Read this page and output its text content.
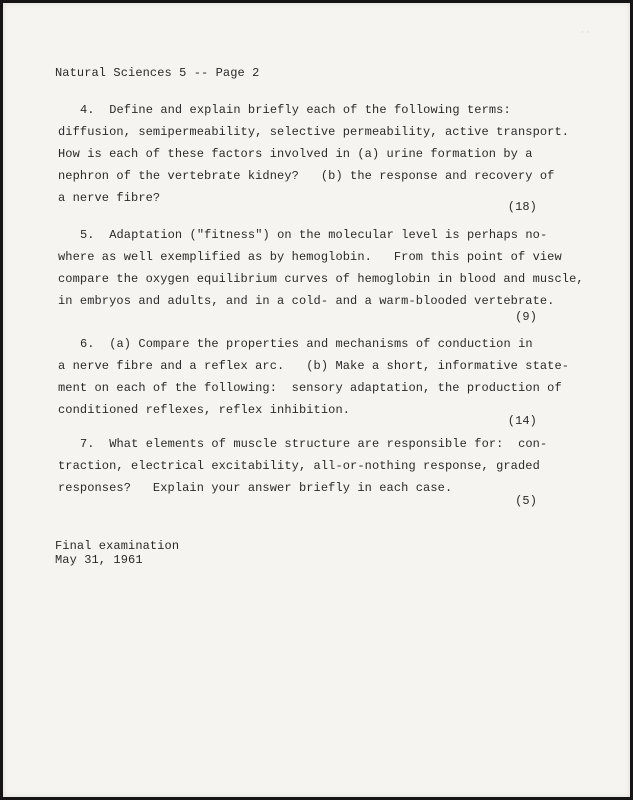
Natural Sciences 5 -- Page 2
4.  Define and explain briefly each of the following terms:
diffusion, semipermeability, selective permeability, active transport.
How is each of these factors involved in (a) urine formation by a
nephron of the vertebrate kidney?   (b) the response and recovery of
a nerve fibre?
(18)
5.  Adaptation ("fitness") on the molecular level is perhaps no-
where as well exemplified as by hemoglobin.   From this point of view
compare the oxygen equilibrium curves of hemoglobin in blood and muscle,
in embryos and adults, and in a cold- and a warm-blooded vertebrate.
(9)
6.  (a) Compare the properties and mechanisms of conduction in
a nerve fibre and a reflex arc.   (b) Make a short, informative state-
ment on each of the following:  sensory adaptation, the production of
conditioned reflexes, reflex inhibition.
(14)
7.  What elements of muscle structure are responsible for:  con-
traction, electrical excitability, all-or-nothing response, graded
responses?   Explain your answer briefly in each case.
(5)
Final examination
May 31, 1961
· ·
